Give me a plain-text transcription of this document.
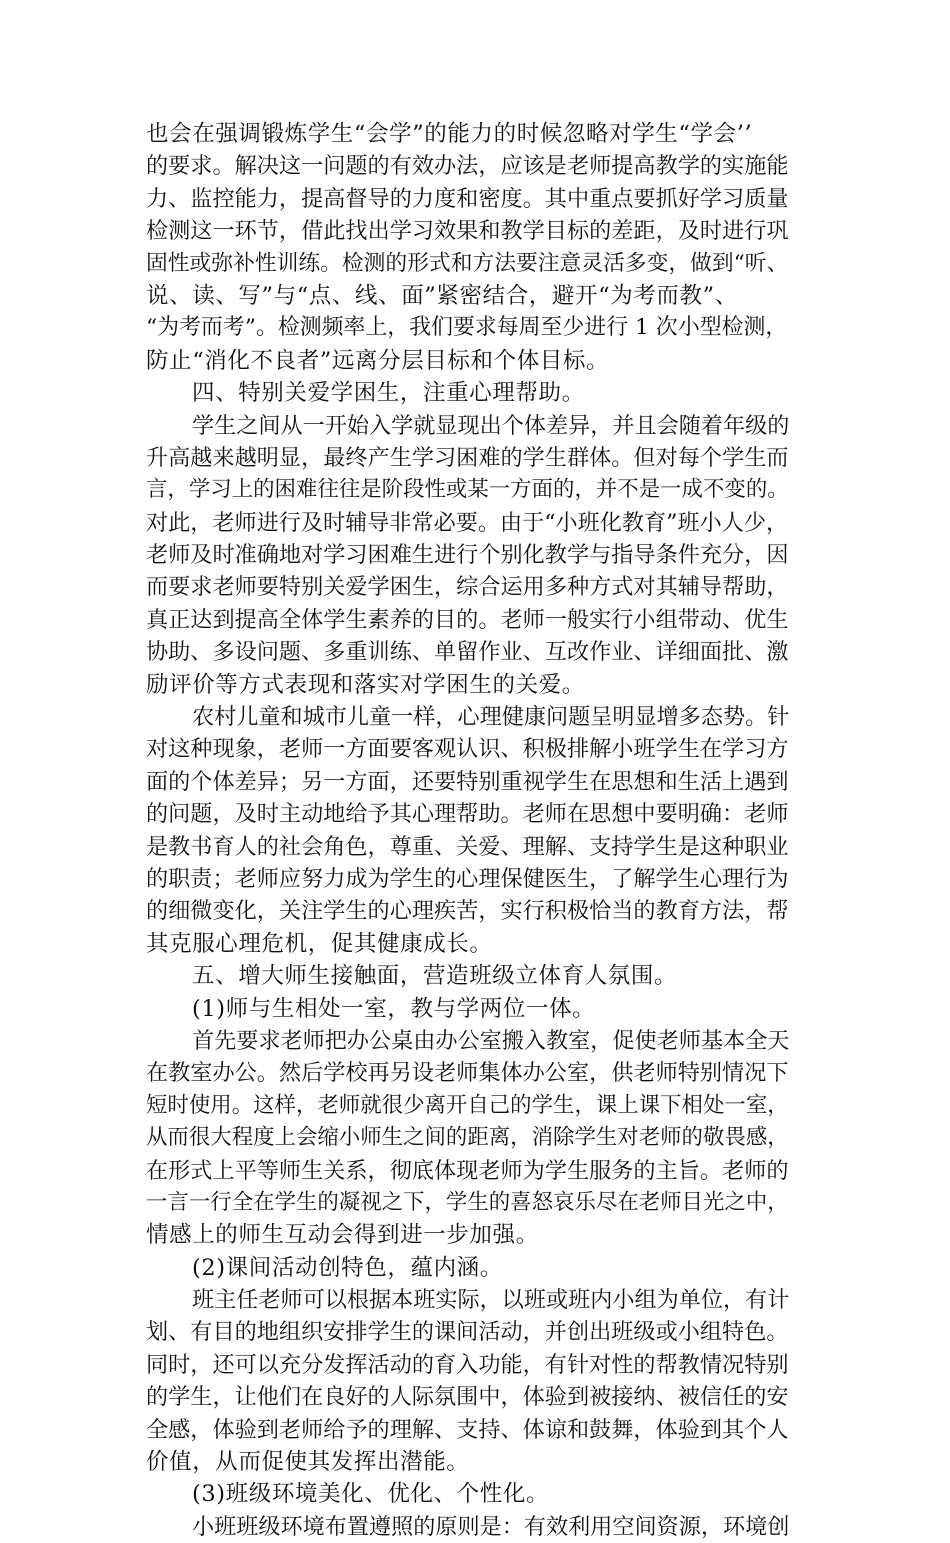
也会在强调锻炼学生“会学”的能力的时候忽略对学生“学会’’
的要求。解决这一问题的有效办法，应该是老师提高教学的实施能
力、监控能力，提高督导的力度和密度。其中重点要抓好学习质量
检测这一环节，借此找出学习效果和教学目标的差距，及时进行巩
固性或弥补性训练。检测的形式和方法要注意灵活多变，做到“听、
说、读、写”与“点、线、面”紧密结合，避开“为考而教”、
“为考而考”。检测频率上，我们要求每周至少进行 1 次小型检测，
防止“消化不良者”远离分层目标和个体目标。
四、特别关爱学困生，注重心理帮助。
学生之间从一开始入学就显现出个体差异，并且会随着年级的
升高越来越明显，最终产生学习困难的学生群体。但对每个学生而
言，学习上的困难往往是阶段性或某一方面的，并不是一成不变的。
对此，老师进行及时辅导非常必要。由于“小班化教育”班小人少，
老师及时准确地对学习困难生进行个别化教学与指导条件充分，因
而要求老师要特别关爱学困生，综合运用多种方式对其辅导帮助，
真正达到提高全体学生素养的目的。老师一般实行小组带动、优生
协助、多设问题、多重训练、单留作业、互改作业、详细面批、激
励评价等方式表现和落实对学困生的关爱。
农村儿童和城市儿童一样，心理健康问题呈明显增多态势。针
对这种现象，老师一方面要客观认识、积极排解小班学生在学习方
面的个体差异；另一方面，还要特别重视学生在思想和生活上遇到
的问题，及时主动地给予其心理帮助。老师在思想中要明确：老师
是教书育人的社会角色，尊重、关爱、理解、支持学生是这种职业
的职责；老师应努力成为学生的心理保健医生，了解学生心理行为
的细微变化，关注学生的心理疾苦，实行积极恰当的教育方法，帮
其克服心理危机，促其健康成长。
五、增大师生接触面，营造班级立体育人氛围。
(1)师与生相处一室，教与学两位一体。
首先要求老师把办公桌由办公室搬入教室，促使老师基本全天
在教室办公。然后学校再另设老师集体办公室，供老师特别情况下
短时使用。这样，老师就很少离开自己的学生，课上课下相处一室，
从而很大程度上会缩小师生之间的距离，消除学生对老师的敬畏感，
在形式上平等师生关系，彻底体现老师为学生服务的主旨。老师的
一言一行全在学生的凝视之下，学生的喜怒哀乐尽在老师目光之中，
情感上的师生互动会得到进一步加强。
(2)课间活动创特色，蕴内涵。
班主任老师可以根据本班实际，以班或班内小组为单位，有计
划、有目的地组织安排学生的课间活动，并创出班级或小组特色。
同时，还可以充分发挥活动的育入功能，有针对性的帮教情况特别
的学生，让他们在良好的人际氛围中，体验到被接纳、被信任的安
全感，体验到老师给予的理解、支持、体谅和鼓舞，体验到其个人
价值，从而促使其发挥出潜能。
(3)班级环境美化、优化、个性化。
小班班级环境布置遵照的原则是：有效利用空间资源，环境创
